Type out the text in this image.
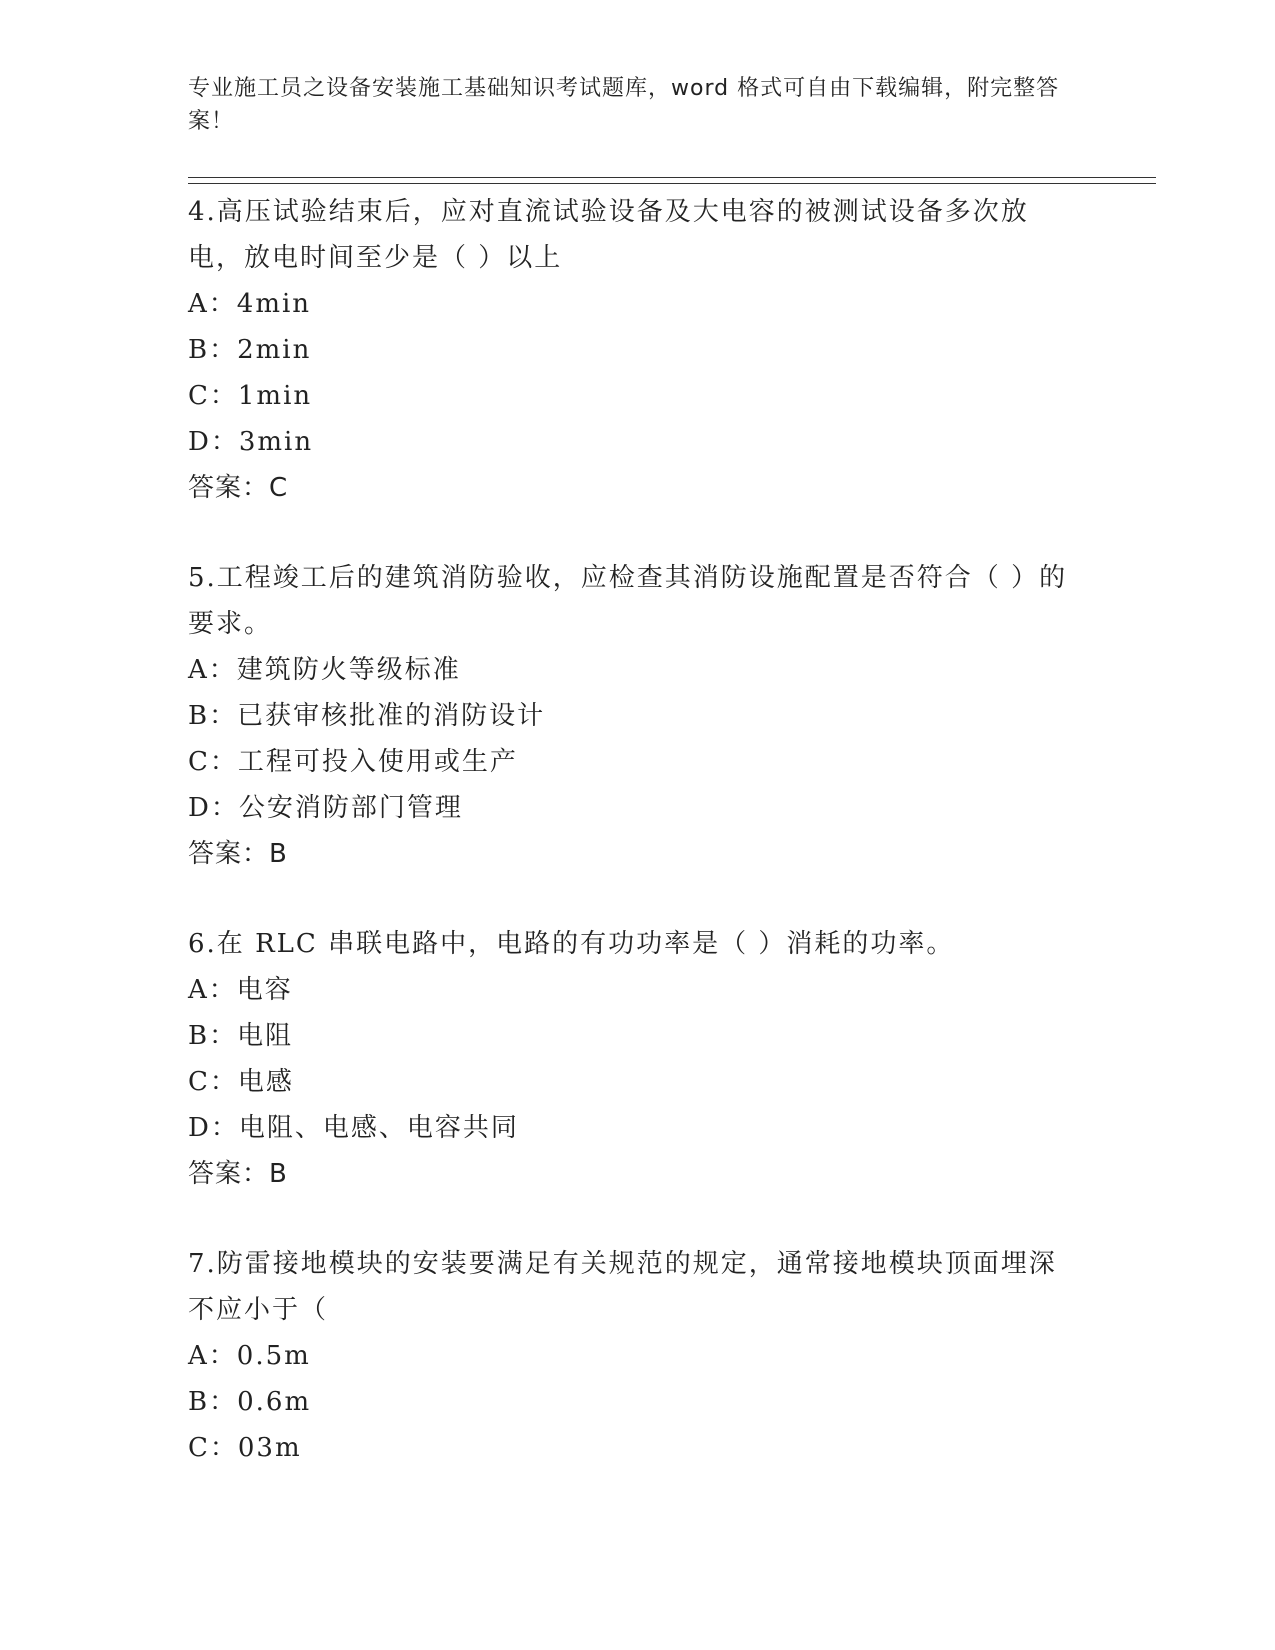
专业施工员之设备安装施工基础知识考试题库，word 格式可自由下载编辑，附完整答案！

4.高压试验结束后，应对直流试验设备及大电容的被测试设备多次放电，放电时间至少是（ ）以上

A：4min

B：2min

C：1min

D：3min

答案：C

5.工程竣工后的建筑消防验收，应检查其消防设施配置是否符合（ ）的要求。

A：建筑防火等级标准

B：已获审核批准的消防设计

C：工程可投入使用或生产

D：公安消防部门管理

答案：B

6.在 RLC 串联电路中，电路的有功功率是（ ）消耗的功率。

A：电容

B：电阻

C：电感

D：电阻、电感、电容共同

答案：B

7.防雷接地模块的安装要满足有关规范的规定，通常接地模块顶面埋深不应小于（

A：0.5m

B：0.6m

C：03m
